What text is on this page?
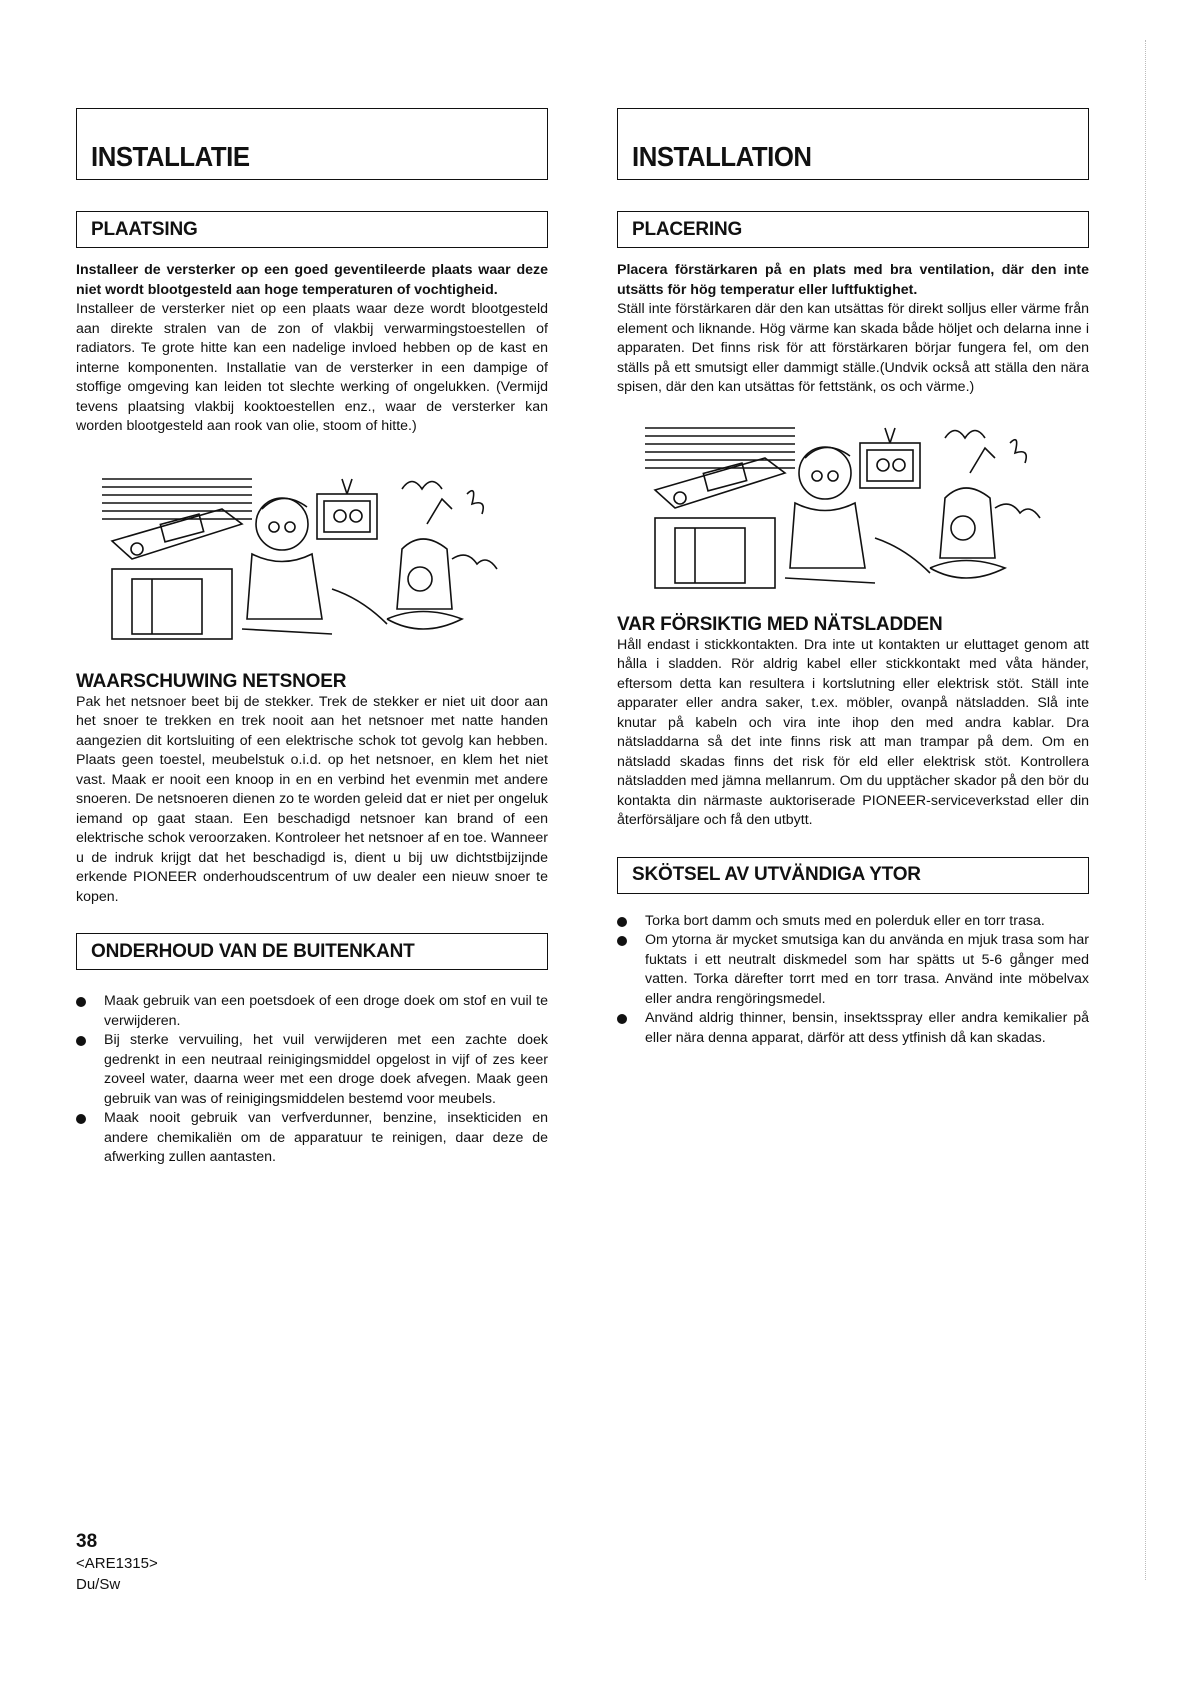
INSTALLATIE
PLAATSING

Installeer de versterker op een goed geventileerde plaats waar deze niet wordt blootgesteld aan hoge temperaturen of vochtigheid.

Installeer de versterker niet op een plaats waar deze wordt blootgesteld aan direkte stralen van de zon of vlakbij verwarmingstoestellen of radiators. Te grote hitte kan een nadelige invloed hebben op de kast en interne komponenten. Installatie van de versterker in een dampige of stoffige omgeving kan leiden tot slechte werking of ongelukken. (Vermijd tevens plaatsing vlakbij kooktoestellen enz., waar de versterker kan worden blootgesteld aan rook van olie, stoom of hitte.)

WAARSCHUWING NETSNOER

Pak het netsnoer beet bij de stekker. Trek de stekker er niet uit door aan het snoer te trekken en trek nooit aan het netsnoer met natte handen aangezien dit kortsluiting of een elektrische schok tot gevolg kan hebben. Plaats geen toestel, meubelstuk o.i.d. op het netsnoer, en klem het niet vast. Maak er nooit een knoop in en en verbind het evenmin met andere snoeren. De netsnoeren dienen zo te worden geleid dat er niet per ongeluk iemand op gaat staan. Een beschadigd netsnoer kan brand of een elektrische schok veroorzaken. Kontroleer het netsnoer af en toe. Wanneer u de indruk krijgt dat het beschadigd is, dient u bij uw dichtstbijzijnde erkende PIONEER onderhoudscentrum of uw dealer een nieuw snoer te kopen.

ONDERHOUD VAN DE BUITENKANT
Maak gebruik van een poetsdoek of een droge doek om stof en vuil te verwijderen.
Bij sterke vervuiling, het vuil verwijderen met een zachte doek gedrenkt in een neutraal reinigingsmiddel opgelost in vijf of zes keer zoveel water, daarna weer met een droge doek afvegen. Maak geen gebruik van was of reinigingsmiddelen bestemd voor meubels.
Maak nooit gebruik van verfverdunner, benzine, insekticiden en andere chemikaliën om de apparatuur te reinigen, daar deze de afwerking zullen aantasten.
INSTALLATION
PLACERING

Placera förstärkaren på en plats med bra ventilation, där den inte utsätts för hög temperatur eller luftfuktighet.

Ställ inte förstärkaren där den kan utsättas för direkt solljus eller värme från element och liknande. Hög värme kan skada både höljet och delarna inne i apparaten. Det finns risk för att förstärkaren börjar fungera fel, om den ställs på ett smutsigt eller dammigt ställe.(Undvik också att ställa den nära spisen, där den kan utsättas för fettstänk, os och värme.)

VAR FÖRSIKTIG MED NÄTSLADDEN

Håll endast i stickkontakten. Dra inte ut kontakten ur eluttaget genom att hålla i sladden. Rör aldrig kabel eller stickkontakt med våta händer, eftersom detta kan resultera i kortslutning eller elektrisk stöt. Ställ inte apparater eller andra saker, t.ex. möbler, ovanpå nätsladden. Slå inte knutar på kabeln och vira inte ihop den med andra kablar. Dra nätsladdarna så det inte finns risk att man trampar på dem. Om en nätsladd skadas finns det risk för eld eller elektrisk stöt. Kontrollera nätsladden med jämna mellanrum. Om du upptächer skador på den bör du kontakta din närmaste auktoriserade PIONEER-serviceverkstad eller din återförsäljare och få den utbytt.

SKÖTSEL AV UTVÄNDIGA YTOR
Torka bort damm och smuts med en polerduk eller en torr trasa.
Om ytorna är mycket smutsiga kan du använda en mjuk trasa som har fuktats i ett neutralt diskmedel som har spätts ut 5-6 gånger med vatten. Torka därefter torrt med en torr trasa. Använd inte möbelvax eller andra rengöringsmedel.
Använd aldrig thinner, bensin, insektsspray eller andra kemikalier på eller nära denna apparat, därför att dess ytfinish då kan skadas.
38
<ARE1315>
Du/Sw
